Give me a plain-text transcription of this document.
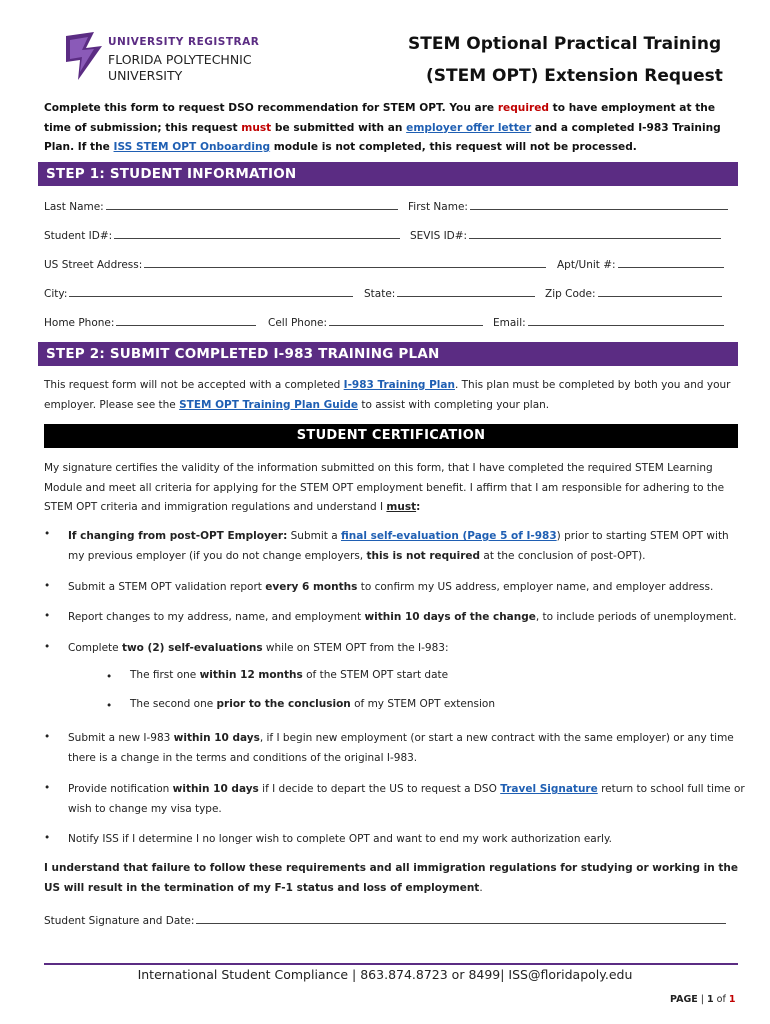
UNIVERSITY REGISTRAR
FLORIDA POLYTECHNIC
UNIVERSITY
STEM Optional Practical Training
(STEM OPT) Extension Request
Complete this form to request DSO recommendation for STEM OPT. You are required to have employment at the time of submission; this request must be submitted with an employer offer letter and a completed I-983 Training Plan. If the ISS STEM OPT Onboarding module is not completed, this request will not be processed.
STEP 1: STUDENT INFORMATION
Last Name:	First Name:
Student ID#:	SEVIS ID#:
US Street Address:	Apt/Unit #:
City:	State:	Zip Code:
Home Phone:	Cell Phone:	Email:
STEP 2: SUBMIT COMPLETED I-983 TRAINING PLAN
This request form will not be accepted with a completed I-983 Training Plan. This plan must be completed by both you and your employer. Please see the STEM OPT Training Plan Guide to assist with completing your plan.
STUDENT CERTIFICATION
My signature certifies the validity of the information submitted on this form, that I have completed the required STEM Learning Module and meet all criteria for applying for the STEM OPT employment benefit. I affirm that I am responsible for adhering to the STEM OPT criteria and immigration regulations and understand I must:
• If changing from post-OPT Employer: Submit a final self-evaluation (Page 5 of I-983) prior to starting STEM OPT with my previous employer (if you do not change employers, this is not required at the conclusion of post-OPT).
• Submit a STEM OPT validation report every 6 months to confirm my US address, employer name, and employer address.
• Report changes to my address, name, and employment within 10 days of the change, to include periods of unemployment.
• Complete two (2) self-evaluations while on STEM OPT from the I-983:
• The first one within 12 months of the STEM OPT start date
• The second one prior to the conclusion of my STEM OPT extension
• Submit a new I-983 within 10 days, if I begin new employment (or start a new contract with the same employer) or any time there is a change in the terms and conditions of the original I-983.
• Provide notification within 10 days if I decide to depart the US to request a DSO Travel Signature return to school full time or wish to change my visa type.
• Notify ISS if I determine I no longer wish to complete OPT and want to end my work authorization early.
I understand that failure to follow these requirements and all immigration regulations for studying or working in the US will result in the termination of my F-1 status and loss of employment.
Student Signature and Date:
International Student Compliance | 863.874.8723 or 8499| ISS@floridapoly.edu
PAGE | 1 of 1
